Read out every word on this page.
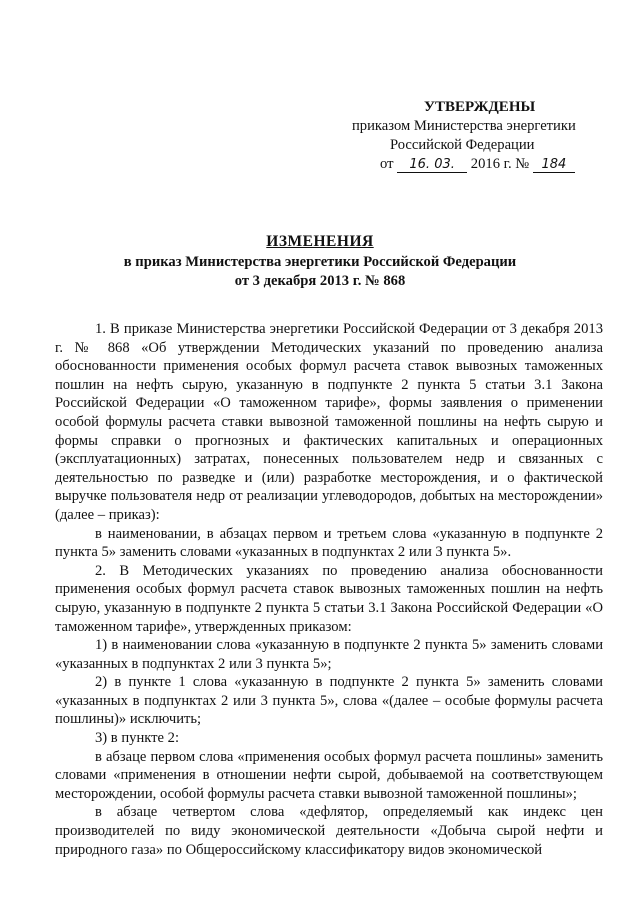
УТВЕРЖДЕНЫ
приказом Министерства энергетики
Российской Федерации
от 16. 03. 2016 г. № 184
ИЗМЕНЕНИЯ
в приказ Министерства энергетики Российской Федерации
от 3 декабря 2013 г. № 868

1. В приказе Министерства энергетики Российской Федерации от 3 декабря 2013 г. № 868 «Об утверждении Методических указаний по проведению анализа обоснованности применения особых формул расчета ставок вывозных таможенных пошлин на нефть сырую, указанную в подпункте 2 пункта 5 статьи 3.1 Закона Российской Федерации «О таможенном тарифе», формы заявления о применении особой формулы расчета ставки вывозной таможенной пошлины на нефть сырую и формы справки о прогнозных и фактических капитальных и операционных (эксплуатационных) затратах, понесенных пользователем недр и связанных с деятельностью по разведке и (или) разработке месторождения, и о фактической выручке пользователя недр от реализации углеводородов, добытых на месторождении» (далее – приказ):

в наименовании, в абзацах первом и третьем слова «указанную в подпункте 2 пункта 5» заменить словами «указанных в подпунктах 2 или 3 пункта 5».

2. В Методических указаниях по проведению анализа обоснованности применения особых формул расчета ставок вывозных таможенных пошлин на нефть сырую, указанную в подпункте 2 пункта 5 статьи 3.1 Закона Российской Федерации «О таможенном тарифе», утвержденных приказом:

1) в наименовании слова «указанную в подпункте 2 пункта 5» заменить словами «указанных в подпунктах 2 или 3 пункта 5»;

2) в пункте 1 слова «указанную в подпункте 2 пункта 5» заменить словами «указанных в подпунктах 2 или 3 пункта 5», слова «(далее – особые формулы расчета пошлины)» исключить;

3) в пункте 2:

в абзаце первом слова «применения особых формул расчета пошлины» заменить словами «применения в отношении нефти сырой, добываемой на соответствующем месторождении, особой формулы расчета ставки вывозной таможенной пошлины»;

в абзаце четвертом слова «дефлятор, определяемый как индекс цен производителей по виду экономической деятельности «Добыча сырой нефти и природного газа» по Общероссийскому классификатору видов экономической
